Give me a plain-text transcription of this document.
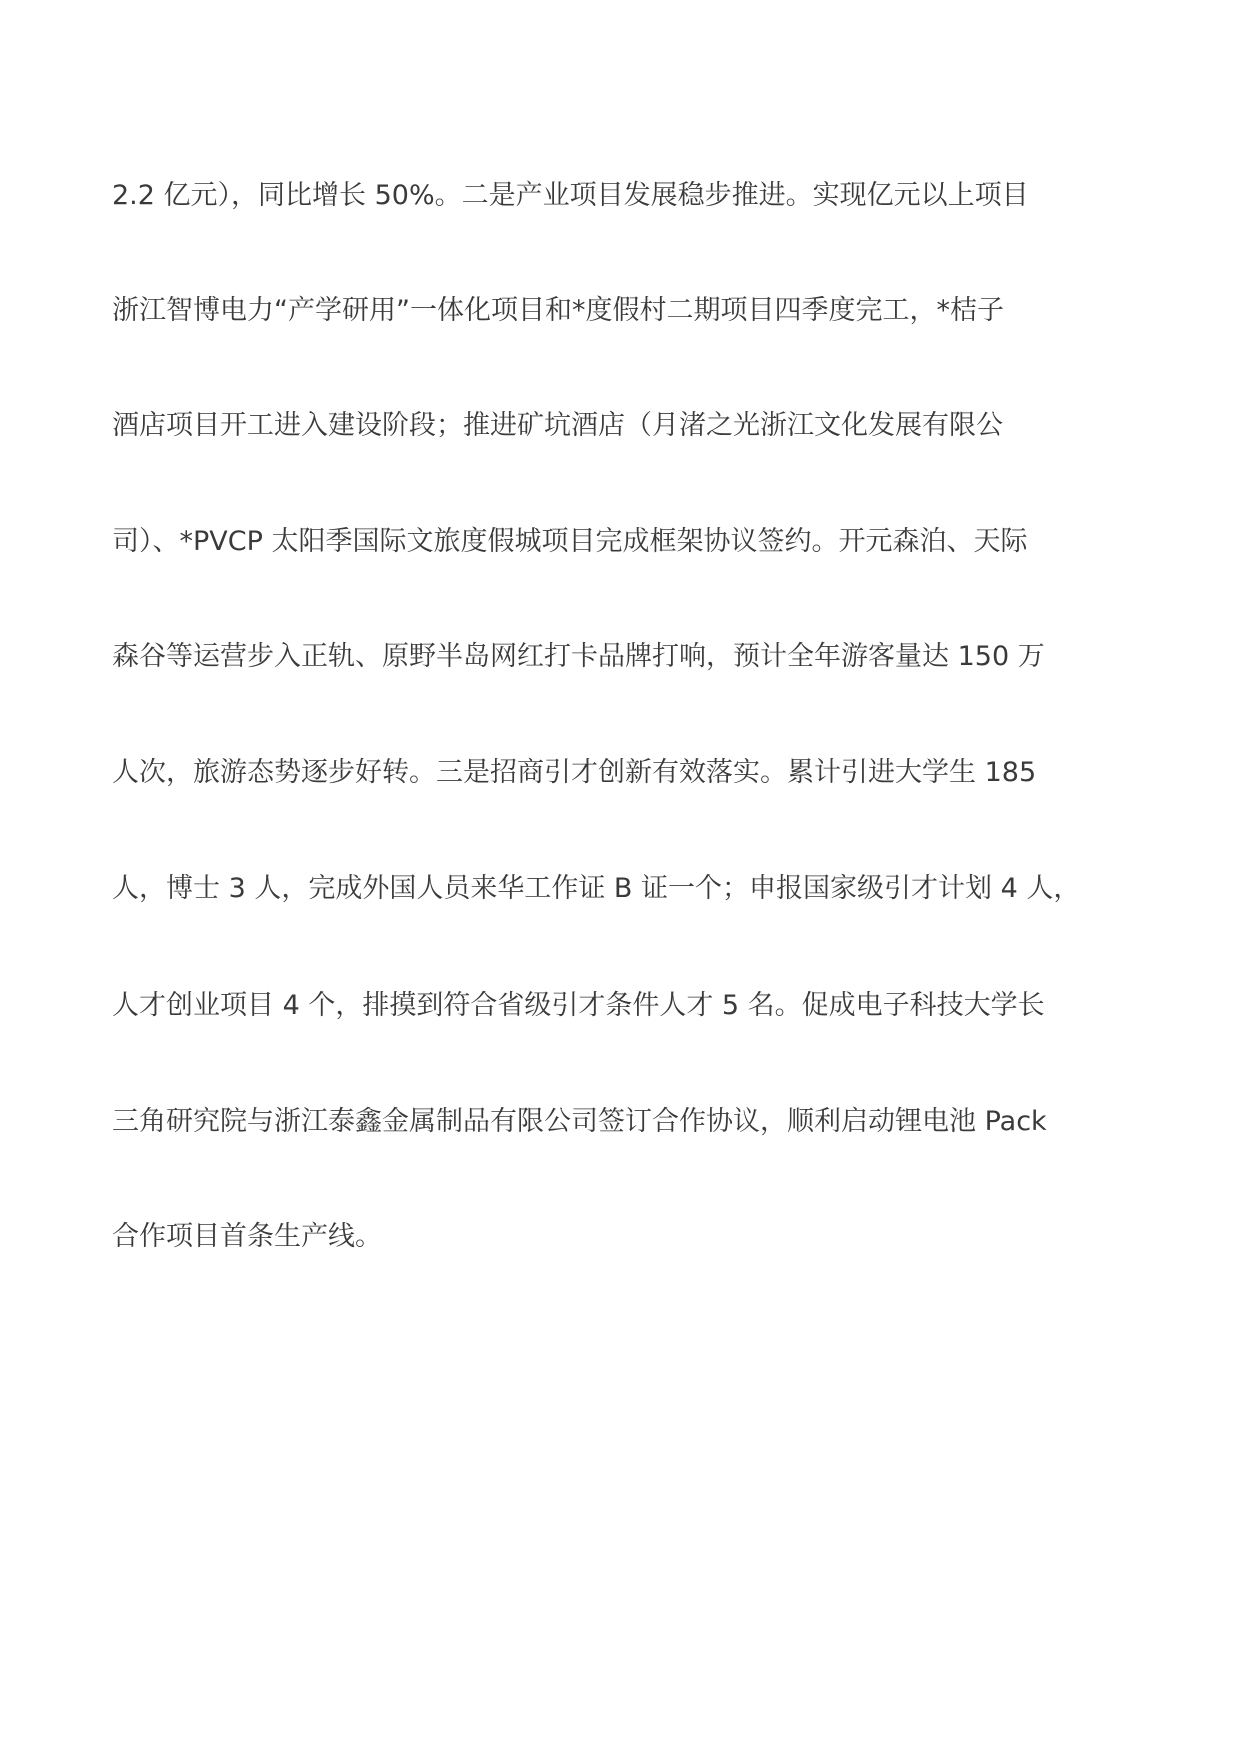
2.2 亿元），同比增长 50%。二是产业项目发展稳步推进。实现亿元以上项目
浙江智博电力“产学研用”一体化项目和*度假村二期项目四季度完工，*桔子
酒店项目开工进入建设阶段；推进矿坑酒店（月渚之光浙江文化发展有限公
司）、*PVCP 太阳季国际文旅度假城项目完成框架协议签约。开元森泊、天际
森谷等运营步入正轨、原野半岛网红打卡品牌打响，预计全年游客量达 150 万
人次，旅游态势逐步好转。三是招商引才创新有效落实。累计引进大学生 185
人，博士 3 人，完成外国人员来华工作证 B 证一个；申报国家级引才计划 4 人，
人才创业项目 4 个，排摸到符合省级引才条件人才 5 名。促成电子科技大学长
三角研究院与浙江泰鑫金属制品有限公司签订合作协议，顺利启动锂电池 Pack
合作项目首条生产线。
